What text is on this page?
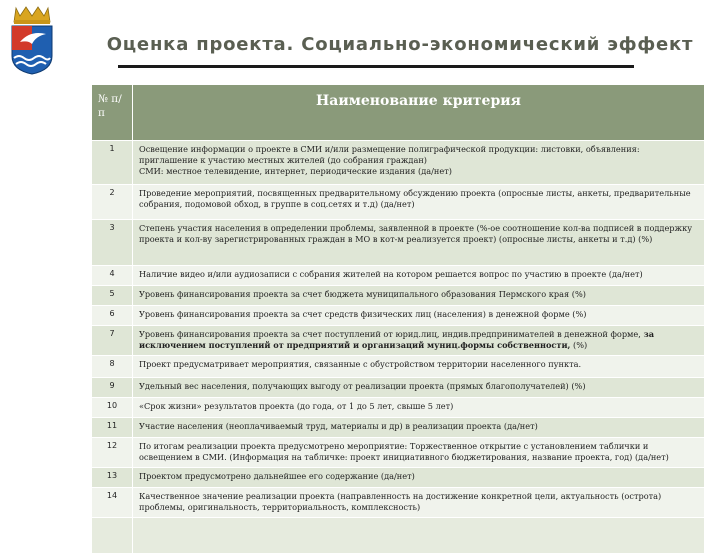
Оценка проекта. Социально-экономический эффект
№ п/п	Наименование критерия
1	Освещение информации о проекте в СМИ и/или размещение полиграфической продукции: листовки, объявления: приглашение к участию местных жителей (до собрания граждан)
СМИ: местное телевидение, интернет, периодические издания (да/нет)
2	Проведение мероприятий, посвященных предварительному обсуждению проекта (опросные листы, анкеты, предварительные собрания, подомовой обход, в группе в соц.сетях и т.д) (да/нет)
3	Степень участия населения в определении проблемы, заявленной в проекте (%-ое соотношение кол-ва подписей в поддержку проекта и кол-ву зарегистрированных граждан в МО в кот-м реализуется проект) (опросные листы, анкеты и т.д) (%)
4	Наличие видео и/или аудиозаписи с собрания жителей на котором решается вопрос по участию в проекте (да/нет)
5	Уровень финансирования проекта за счет бюджета муниципального образования Пермского края (%)
6	Уровень финансирования проекта за счет средств физических лиц (населения) в денежной форме (%)
7	Уровень финансирования проекта за счет поступлений от юрид.лиц, индив.предпринимателей в денежной форме, за исключением поступлений от предприятий и организаций муниц.формы собственности, (%)
8	Проект предусматривает мероприятия, связанные с обустройством территории населенного пункта.
9	Удельный вес населения, получающих выгоду от реализации проекта (прямых благополучателей) (%)
10	«Срок жизни» результатов проекта (до года, от 1 до 5 лет, свыше 5 лет)
11	Участие населения (неоплачиваемый труд, материалы и др) в реализации проекта (да/нет)
12	По итогам реализации проекта предусмотрено мероприятие: Торжественное открытие с установлением таблички и освещением в СМИ. (Информация на табличке: проект инициативного бюджетирования, название проекта, год) (да/нет)
13	Проектом предусмотрено дальнейшее его содержание (да/нет)
14	Качественное значение реализации проекта (направленность на достижение конкретной цели, актуальность (острота) проблемы, оригинальность, территориальность, комплексность)
